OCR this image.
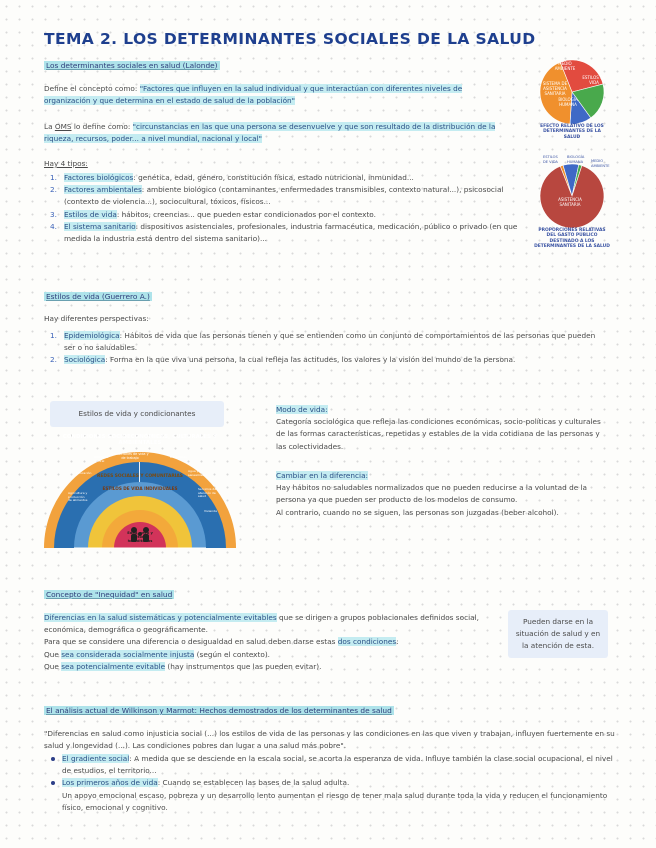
TEMA 2. LOS DETERMINANTES SOCIALES DE LA SALUD
Los determinantes sociales en salud (Lalonde)
Define el concepto como: "Factores que influyen en la salud individual y que interactúan con diferentes niveles de organización y que determina en el estado de salud de la población"
La OMS lo define como: "circunstancias en las que una persona se desenvuelve y que son resultado de la distribución de la riqueza, recursos, poder... a nivel mundial, nacional y local"
Hay 4 tipos:
1. Factores biológicos: genética, edad, género, constitución física, estado nutricional, inmunidad...
2. Factores ambientales: ambiente biológico (contaminantes, enfermedades transmisibles, contexto natural...), psicosocial (contexto de violencia...), sociocultural, tóxicos, físicos...
3. Estilos de vida: hábitos, creencias... que pueden estar condicionados por el contexto.
4. El sistema sanitario: dispositivos asistenciales, profesionales, industria farmacéutica, medicación, público o privado (en que medida la industria está dentro del sistema sanitario)...
ESTILOS DE VIDA
SISTEMA DE ASISTENCIA SANITARIA
BIOLOGÍA HUMANA
MEDIO AMBIENTE
EFECTO RELATIVO DE LOS DETERMINANTES DE LA SALUD
ESTILOS DE VIDA
BIOLOGÍA HUMANA	MEDIO AMBIENTE
ASISTENCIA SANITARIA
PROPORCIONES RELATIVAS DEL GASTO PÚBLICO DESTINADO A LOS DETERMINANTES DE LA SALUD
Estilos de vida (Guerrero A.)
Hay diferentes perspectivas:
1. Epidemiológica: Hábitos de vida que las personas tienen y que se entienden como un conjunto de comportamientos de las personas que pueden ser o no saludables.
2. Sociológica: Forma en la que viva una persona, la cual refleja las actitudes, los valores y la visión del mundo de la persona.
Estilos de vida y condicionantes
CONDICIONES SOCIOECONÓMICAS, CULTURALES Y AMBIENTALES
Condiciones de vida y de trabajo
REDES SOCIALES Y COMUNITARIAS
ESTILOS DE VIDA INDIVIDUALES
Edad, sexo y factores hereditarios
Agricultura y producción de alimentos
Educación
Ambiente laboral
Desempleo
Agua y saneamiento
Servicios de atención de salud
Vivienda
Modo de vida:
Categoría sociológica que refleja las condiciones económicas, socio-políticas y culturales de las formas características, repetidas y estables de la vida cotidiana de las personas y las colectividades.
Cambiar en la diferencia:
Hay hábitos no saludables normalizados que no pueden reducirse a la voluntad de la persona ya que pueden ser producto de los modelos de consumo.
Al contrario, cuando no se siguen, las personas son juzgadas (beber alcohol).
Concepto de "Inequidad" en salud
Diferencias en la salud sistemáticas y potencialmente evitables que se dirigen a grupos poblacionales definidos social, económica, demográfica o geográficamente.
Para que se considere una diferencia o desigualdad en salud deben darse estas dos condiciones:
Que sea considerada socialmente injusta (según el contexto).
Que sea potencialmente evitable (hay instrumentos que las pueden evitar).
Pueden darse en la situación de salud y en la atención de esta.
El análisis actual de Wilkinson y Marmot: Hechos demostrados de los determinantes de salud
"Diferencias en salud como injusticia social (...) los estilos de vida de las personas y las condiciones en las que viven y trabajan, influyen fuertemente en su salud y longevidad (...). Las condiciones pobres dan lugar a una salud más pobre".
El gradiente social: A medida que se desciende en la escala social, se acorta la esperanza de vida. Influye también la clase social ocupacional, el nivel de estudios, el territorio...
Los primeros años de vida: Cuando se establecen las bases de la salud adulta.
Un apoyo emocional escaso, pobreza y un desarrollo lento aumentan el riesgo de tener mala salud durante toda la vida y reducen el funcionamiento físico, emocional y cognitivo.
